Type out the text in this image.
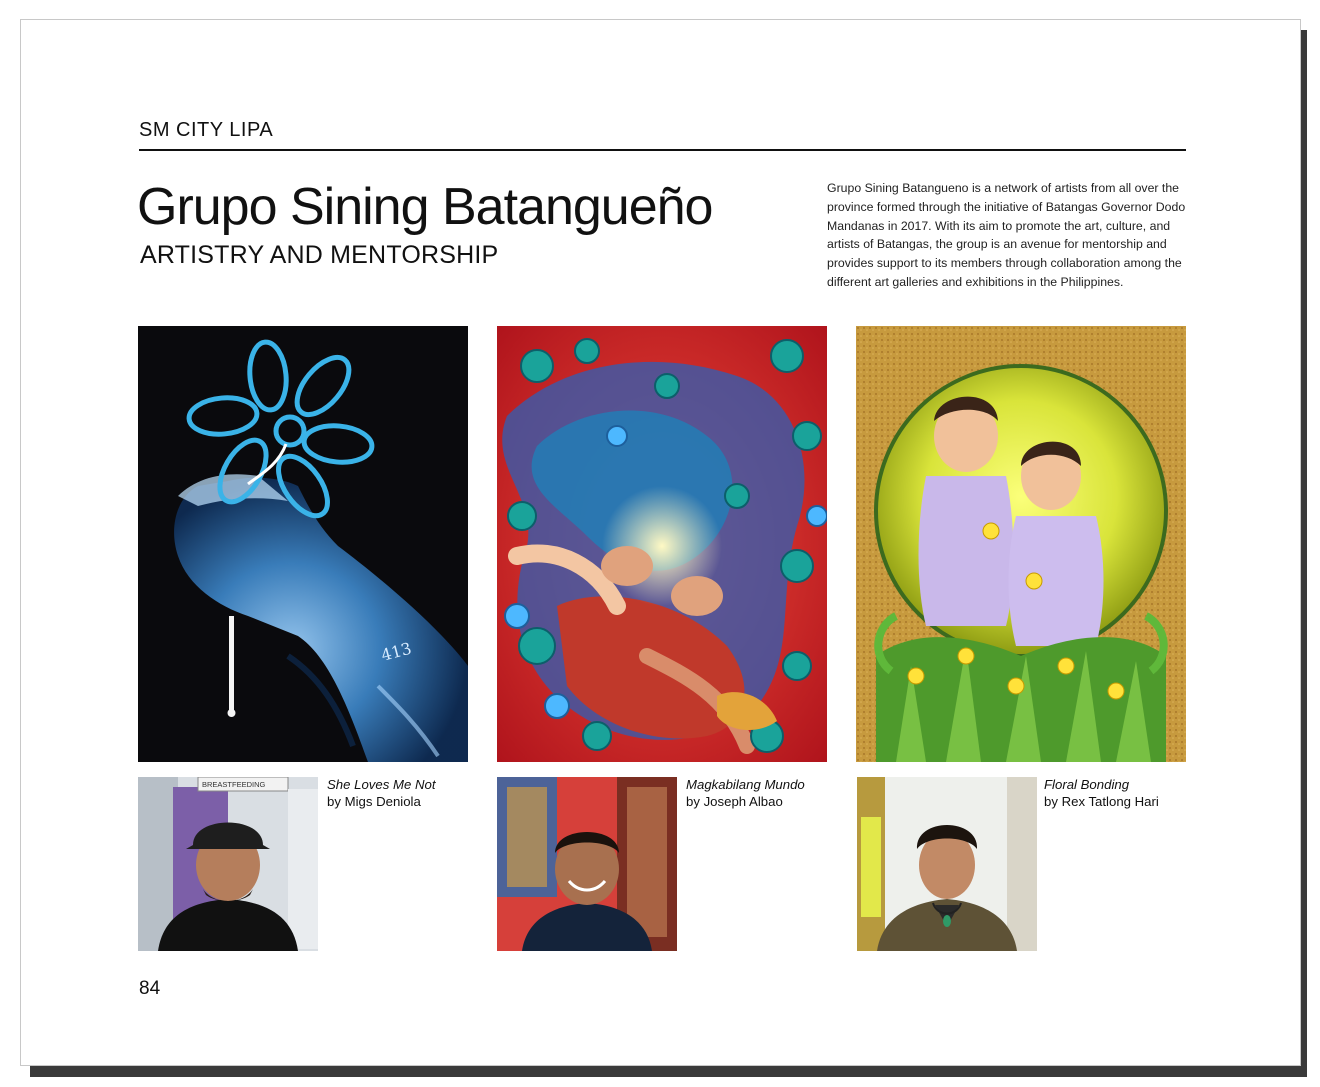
SM CITY LIPA
Grupo Sining Batangueño
ARTISTRY AND MENTORSHIP

Grupo Sining Batangueno is a network of artists from all over the province formed through the initiative of Batangas Governor Dodo Mandanas in 2017. With its aim to promote the art, culture, and artists of Batangas, the group is an avenue for mentorship and provides support to its members through collaboration among the different art galleries and exhibitions in the Philippines.

413
BREASTFEEDING	She Loves Me Not
by Migs Deniola
Magkabilang Mundo
by Joseph Albao
Floral Bonding
by Rex Tatlong Hari
84
